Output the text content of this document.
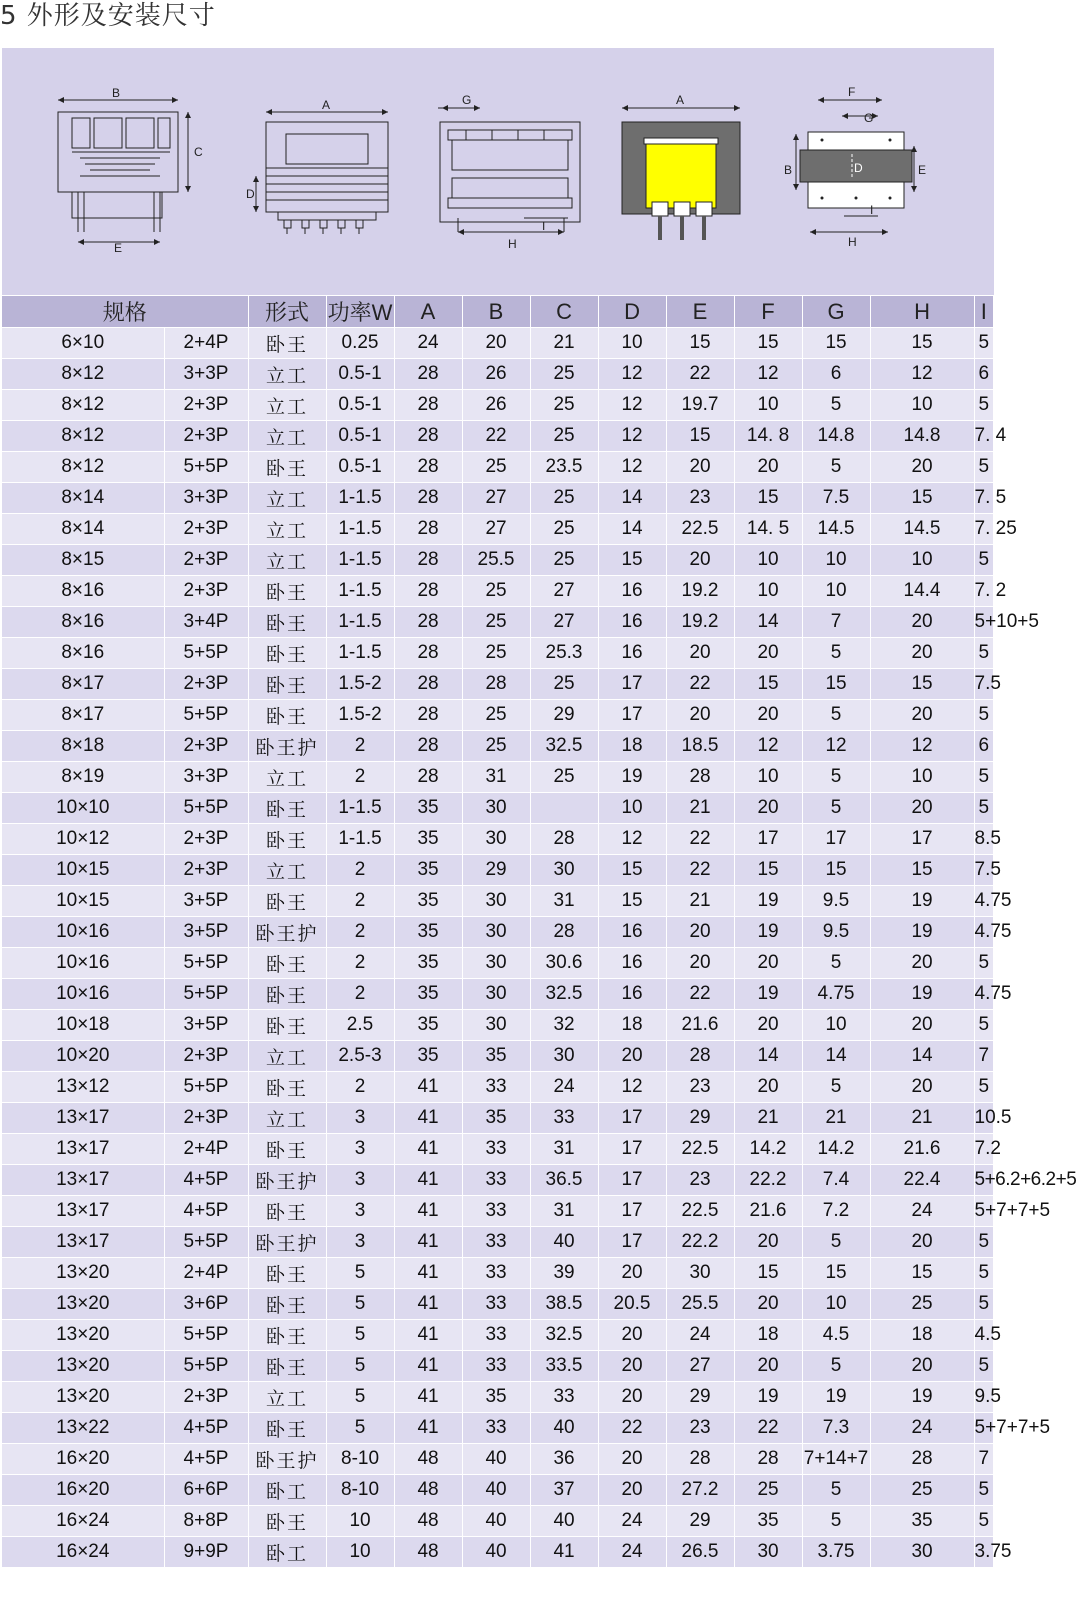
5 外形及安装尺寸
B
C
E
A
D
G
I
H
A
F
G
B	D	E
I
H
规格		形式	功率W	A	B	C	D	E	F	G	H	I
6×10	2+4P	卧王	0.25	24	20	21	10	15	15	15	15	5
8×12	3+3P	立工	0.5-1	28	26	25	12	22	12	6	12	6
8×12	2+3P	立工	0.5-1	28	26	25	12	19.7	10	5	10	5
8×12	2+3P	立工	0.5-1	28	22	25	12	15	14. 8	14.8	14.8	7. 4
8×12	5+5P	卧王	0.5-1	28	25	23.5	12	20	20	5	20	5
8×14	3+3P	立工	1-1.5	28	27	25	14	23	15	7.5	15	7. 5
8×14	2+3P	立工	1-1.5	28	27	25	14	22.5	14. 5	14.5	14.5	7. 25
8×15	2+3P	立工	1-1.5	28	25.5	25	15	20	10	10	10	5
8×16	2+3P	卧王	1-1.5	28	25	27	16	19.2	10	10	14.4	7. 2
8×16	3+4P	卧王	1-1.5	28	25	27	16	19.2	14	7	20	5+10+5
8×16	5+5P	卧王	1-1.5	28	25	25.3	16	20	20	5	20	5
8×17	2+3P	卧王	1.5-2	28	28	25	17	22	15	15	15	7.5
8×17	5+5P	卧王	1.5-2	28	25	29	17	20	20	5	20	5
8×18	2+3P	卧王护	2	28	25	32.5	18	18.5	12	12	12	6
8×19	3+3P	立工	2	28	31	25	19	28	10	5	10	5
10×10	5+5P	卧王	1-1.5	35	30		10	21	20	5	20	5
10×12	2+3P	卧王	1-1.5	35	30	28	12	22	17	17	17	8.5
10×15	2+3P	立工	2	35	29	30	15	22	15	15	15	7.5
10×15	3+5P	卧王	2	35	30	31	15	21	19	9.5	19	4.75
10×16	3+5P	卧王护	2	35	30	28	16	20	19	9.5	19	4.75
10×16	5+5P	卧王	2	35	30	30.6	16	20	20	5	20	5
10×16	5+5P	卧王	2	35	30	32.5	16	22	19	4.75	19	4.75
10×18	3+5P	卧王	2.5	35	30	32	18	21.6	20	10	20	5
10×20	2+3P	立工	2.5-3	35	35	30	20	28	14	14	14	7
13×12	5+5P	卧王	2	41	33	24	12	23	20	5	20	5
13×17	2+3P	立工	3	41	35	33	17	29	21	21	21	10.5
13×17	2+4P	卧王	3	41	33	31	17	22.5	14.2	14.2	21.6	7.2
13×17	4+5P	卧王护	3	41	33	36.5	17	23	22.2	7.4	22.4	5+6.2+6.2+5
13×17	4+5P	卧王	3	41	33	31	17	22.5	21.6	7.2	24	5+7+7+5
13×17	5+5P	卧王护	3	41	33	40	17	22.2	20	5	20	5
13×20	2+4P	卧王	5	41	33	39	20	30	15	15	15	5
13×20	3+6P	卧王	5	41	33	38.5	20.5	25.5	20	10	25	5
13×20	5+5P	卧王	5	41	33	32.5	20	24	18	4.5	18	4.5
13×20	5+5P	卧王	5	41	33	33.5	20	27	20	5	20	5
13×20	2+3P	立工	5	41	35	33	20	29	19	19	19	9.5
13×22	4+5P	卧王	5	41	33	40	22	23	22	7.3	24	5+7+7+5
16×20	4+5P	卧王护	8-10	48	40	36	20	28	28	7+14+7	28	7
16×20	6+6P	卧工	8-10	48	40	37	20	27.2	25	5	25	5
16×24	8+8P	卧王	10	48	40	40	24	29	35	5	35	5
16×24	9+9P	卧工	10	48	40	41	24	26.5	30	3.75	30	3.75
